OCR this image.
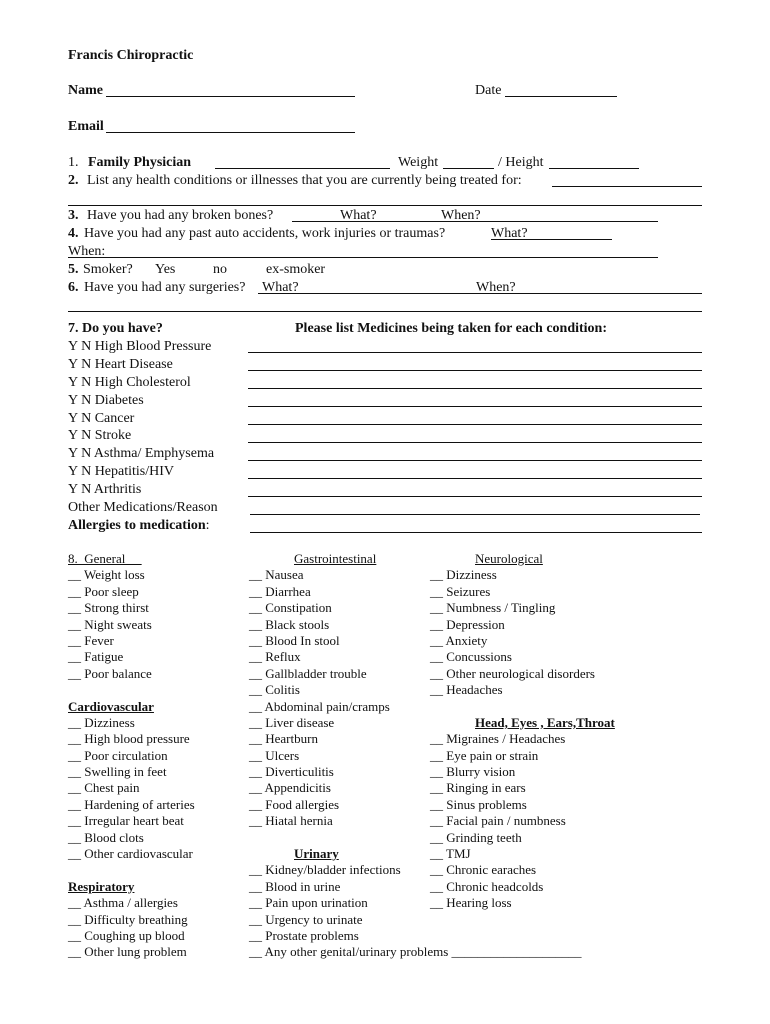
Francis Chiropractic
Name	Date
Email
1. Family Physician	Weight	/ Height
2. List any health conditions or illnesses that you are currently being treated for:
3. Have you had any broken bones?	What?	When?
4. Have you had any past auto accidents, work injuries or traumas?	What?
When:
5. Smoker? Yes	no	ex-smoker
6. Have you had any surgeries? What?	When?
7. Do you have?	Please list Medicines being taken for each condition:
Y N High Blood Pressure
Y N Heart Disease
Y N High Cholesterol
Y N Diabetes
Y N Cancer
Y N Stroke
Y N Asthma/ Emphysema
Y N Hepatitis/HIV
Y N Arthritis
Other Medications/Reason
Allergies to medication:
8.  General
__ Weight loss
__ Poor sleep
__ Strong thirst
__ Night sweats
__ Fever
__ Fatigue
__ Poor balance
Cardiovascular
__ Dizziness
__ High blood pressure
__ Poor circulation
__ Swelling in feet
__ Chest pain
__ Hardening of arteries
__ Irregular heart beat
__ Blood clots
__ Other cardiovascular
Respiratory
__ Asthma / allergies
__ Difficulty breathing
__ Coughing up blood
__ Other lung problem
Gastrointestinal
__ Nausea
__ Diarrhea
__ Constipation
__ Black stools
__ Blood In stool
__ Reflux
__ Gallbladder trouble
__ Colitis
__ Abdominal pain/cramps
__ Liver disease
__ Heartburn
__ Ulcers
__ Diverticulitis
__ Appendicitis
__ Food allergies
__ Hiatal hernia
Urinary
__ Kidney/bladder infections
__ Blood in urine
__ Pain upon urination
__ Urgency to urinate
__ Prostate problems
__ Any other genital/urinary problems ____________________
Neurological
__ Dizziness
__ Seizures
__ Numbness / Tingling
__ Depression
__ Anxiety
__ Concussions
__ Other neurological disorders
__ Headaches
Head, Eyes , Ears,Throat
__ Migraines / Headaches
__ Eye pain or strain
__ Blurry vision
__ Ringing in ears
__ Sinus problems
__ Facial pain / numbness
__ Grinding teeth
__ TMJ
__ Chronic earaches
__ Chronic headcolds
__ Hearing loss
